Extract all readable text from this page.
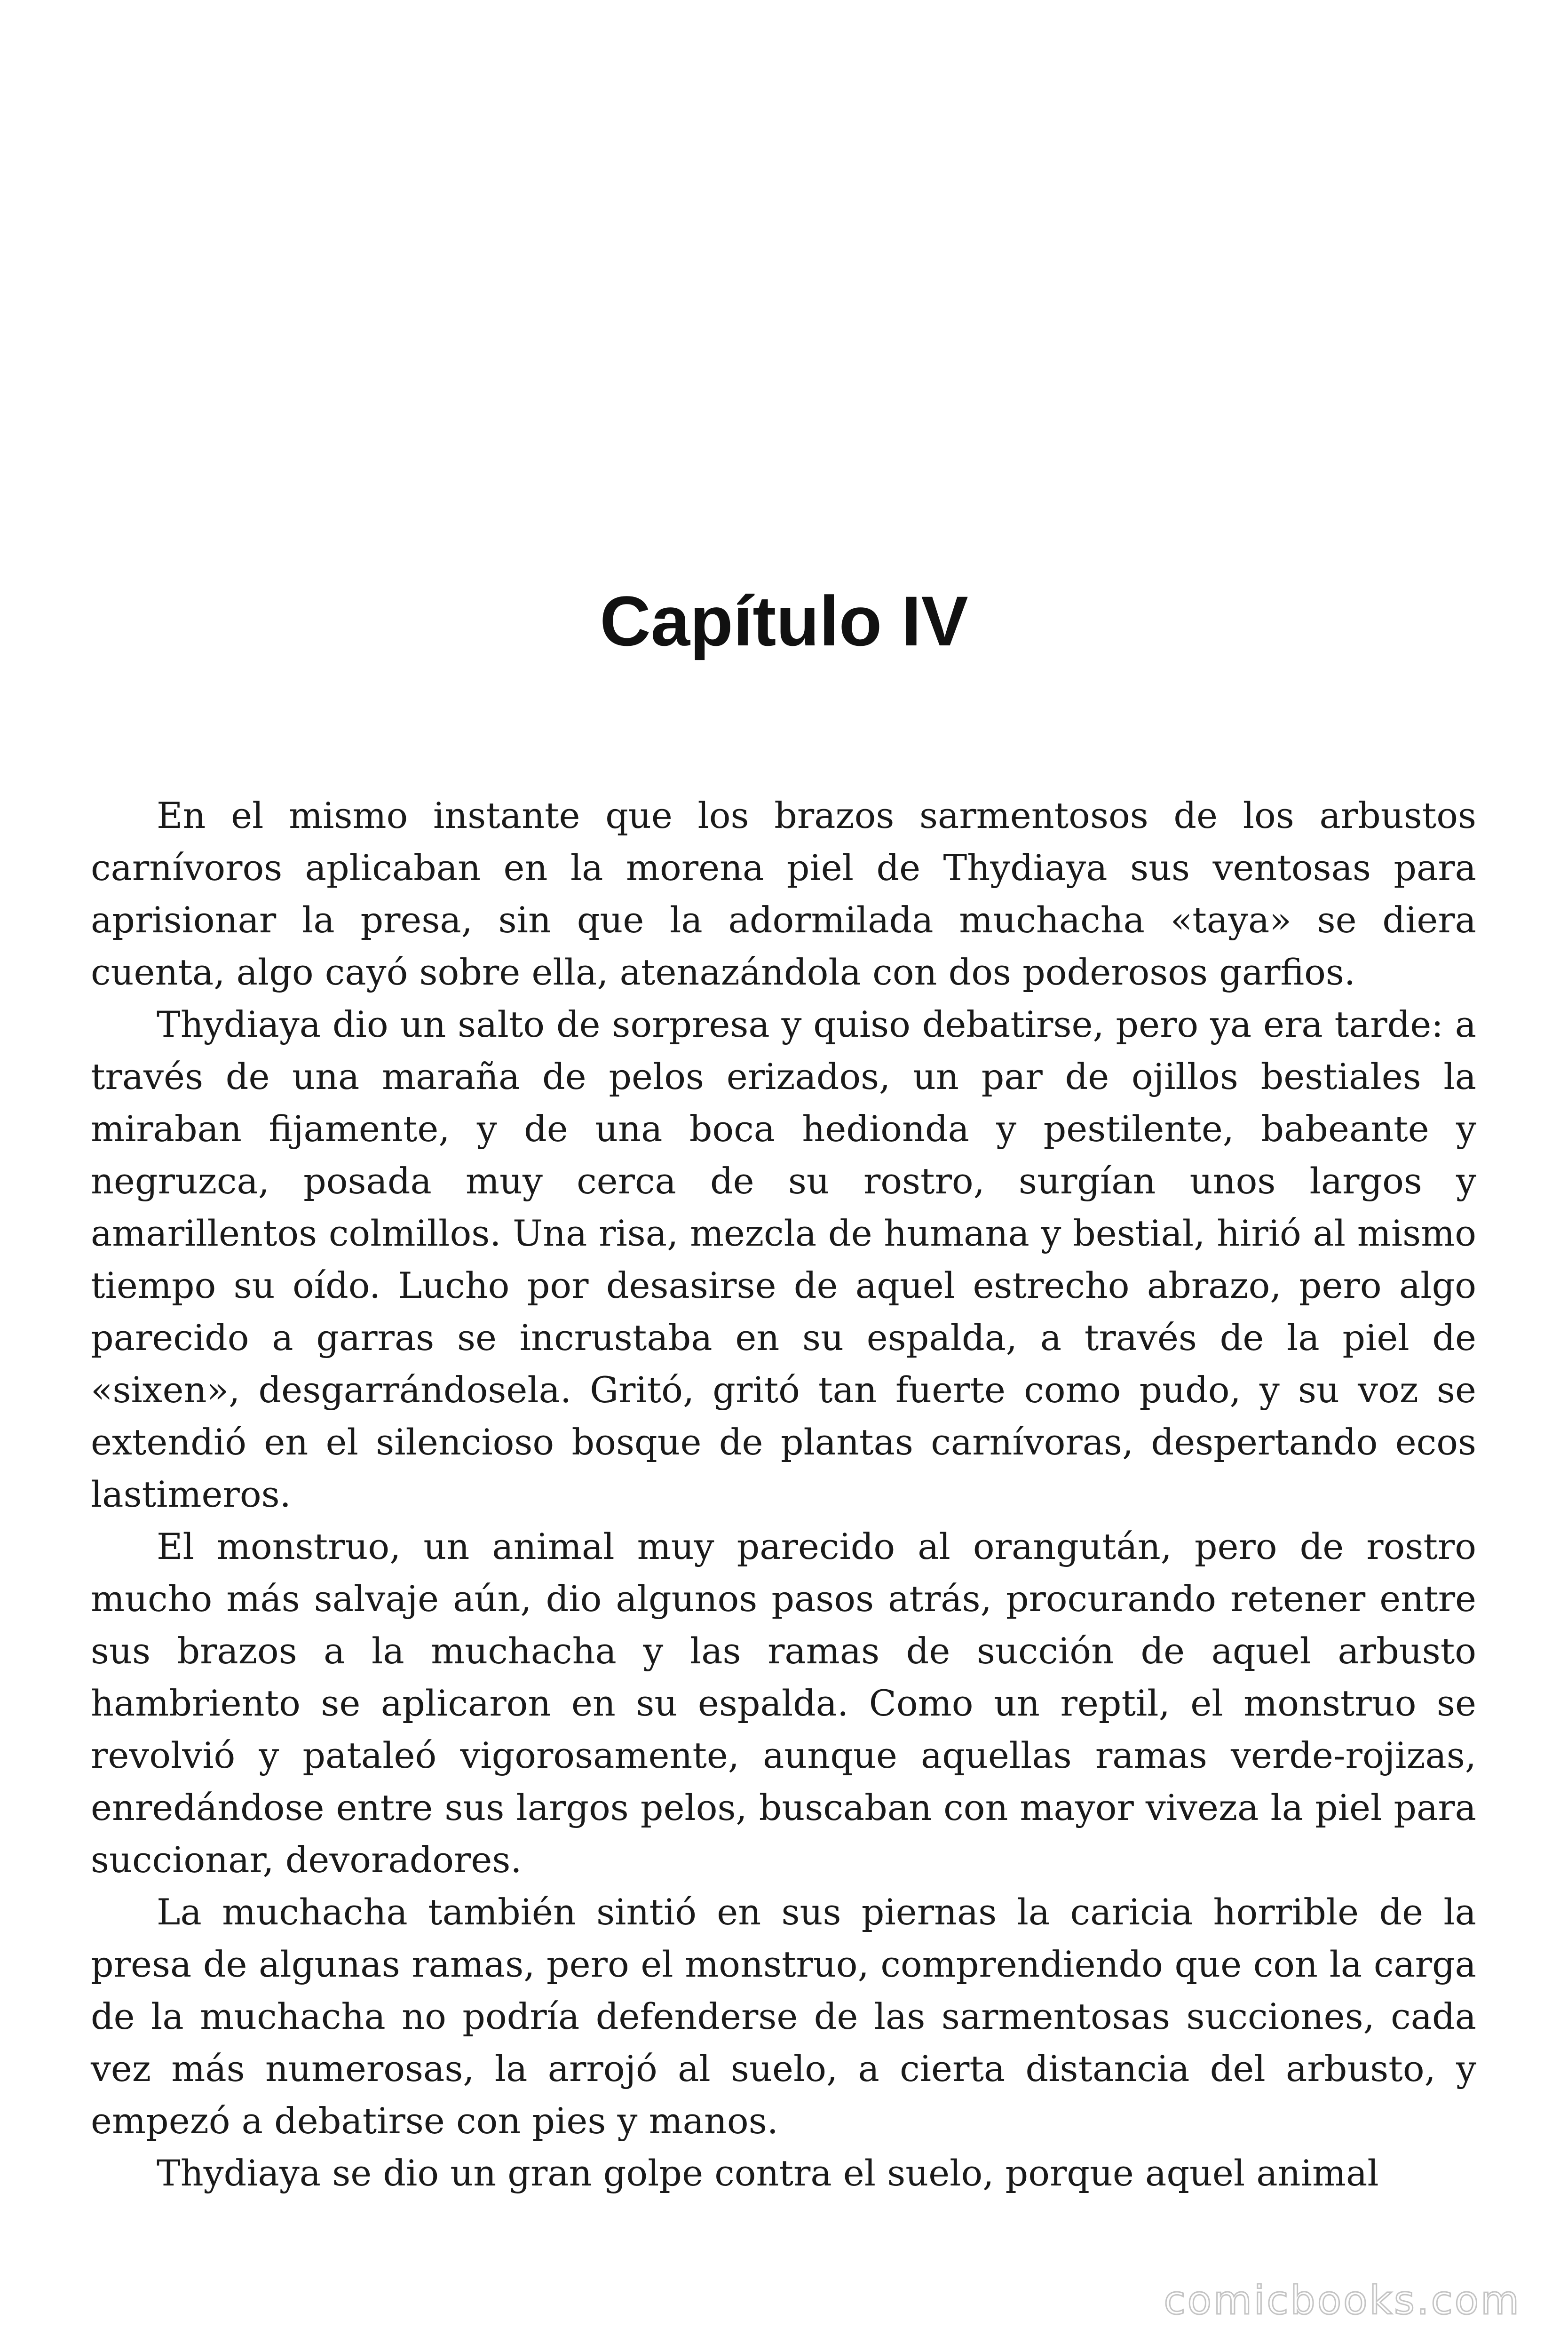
Capítulo IV

En el mismo instante que los brazos sarmentosos de los arbustos carnívoros aplicaban en la morena piel de Thydiaya sus ventosas para aprisionar la presa, sin que la adormilada muchacha «taya» se diera cuenta, algo cayó sobre ella, atenazándola con dos poderosos garfios.

Thydiaya dio un salto de sorpresa y quiso debatirse, pero ya era tarde: a través de una maraña de pelos erizados, un par de ojillos bestiales la miraban fijamente, y de una boca hedionda y pestilente, babeante y negruzca, posada muy cerca de su rostro, surgían unos largos y amarillentos colmillos. Una risa, mezcla de humana y bestial, hirió al mismo tiempo su oído. Lucho por desasirse de aquel estrecho abrazo, pero algo parecido a garras se incrustaba en su espalda, a través de la piel de «sixen», desgarrándosela. Gritó, gritó tan fuerte como pudo, y su voz se extendió en el silencioso bosque de plantas carnívoras, despertando ecos lastimeros.

El monstruo, un animal muy parecido al orangután, pero de rostro mucho más salvaje aún, dio algunos pasos atrás, procurando retener entre sus brazos a la muchacha y las ramas de succión de aquel arbusto hambriento se aplicaron en su espalda. Como un reptil, el monstruo se revolvió y pataleó vigorosamente, aunque aquellas ramas verde-rojizas, enredándose entre sus largos pelos, buscaban con mayor viveza la piel para succionar, devoradores.

La muchacha también sintió en sus piernas la caricia horrible de la presa de algunas ramas, pero el monstruo, comprendiendo que con la carga de la muchacha no podría defenderse de las sarmentosas succiones, cada vez más numerosas, la arrojó al suelo, a cierta distancia del arbusto, y empezó a debatirse con pies y manos.

Thydiaya se dio un gran golpe contra el suelo, porque aquel animal

comicbooks.com
